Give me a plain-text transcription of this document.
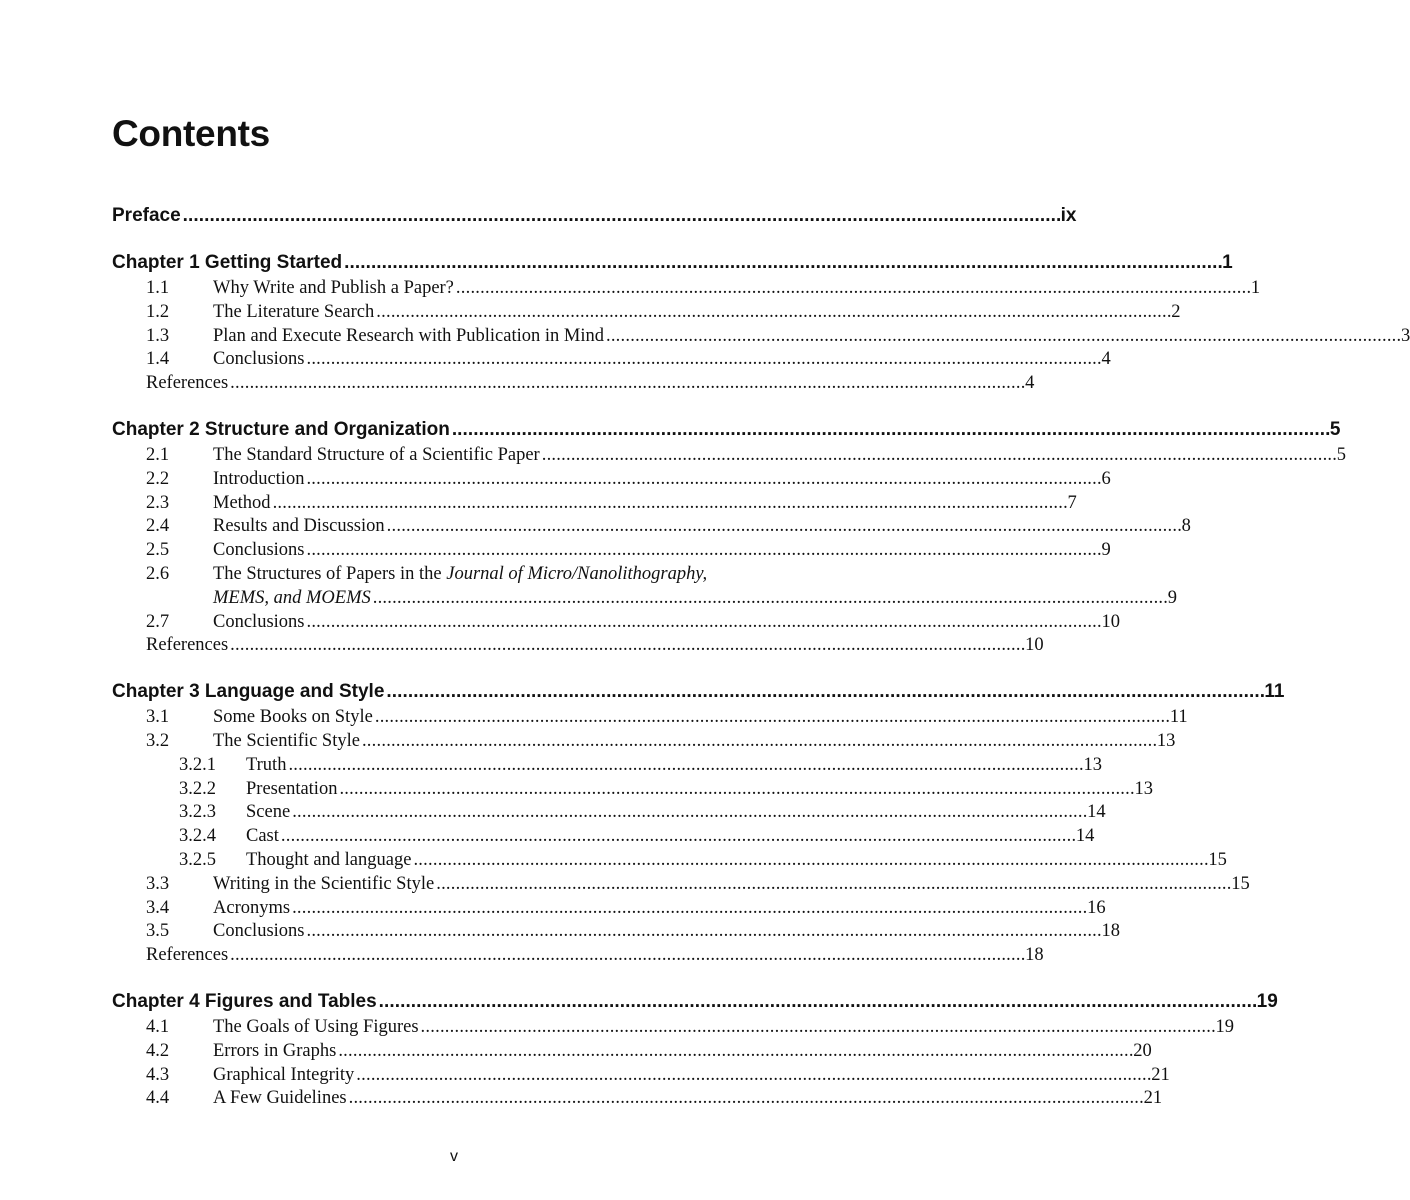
Contents
Preface . . .	ix
Chapter 1 Getting Started . . .	1
1.1	Why Write and Publish a Paper? . . .	1
1.2	The Literature Search . . .	2
1.3	Plan and Execute Research with Publication in Mind . . .	3
1.4	Conclusions . . .	4
References . . .	4
Chapter 2 Structure and Organization . . .	5
2.1	The Standard Structure of a Scientific Paper . . .	5
2.2	Introduction . . .	6
2.3	Method . . .	7
2.4	Results and Discussion . . .	8
2.5	Conclusions . . .	9
2.6	The Structures of Papers in the Journal of Micro/Nanolithography,
MEMS, and MOEMS . . .	9
2.7	Conclusions . . .	10
References . . .	10
Chapter 3 Language and Style . . .	11
3.1	Some Books on Style . . .	11
3.2	The Scientific Style . . .	13
3.2.1	Truth . . .	13
3.2.2	Presentation . . .	13
3.2.3	Scene . . .	14
3.2.4	Cast . . .	14
3.2.5	Thought and language . . .	15
3.3	Writing in the Scientific Style . . .	15
3.4	Acronyms . . .	16
3.5	Conclusions . . .	18
References . . .	18
Chapter 4 Figures and Tables . . .	19
4.1	The Goals of Using Figures . . .	19
4.2	Errors in Graphs . . .	20
4.3	Graphical Integrity . . .	21
4.4	A Few Guidelines . . .	21
v
